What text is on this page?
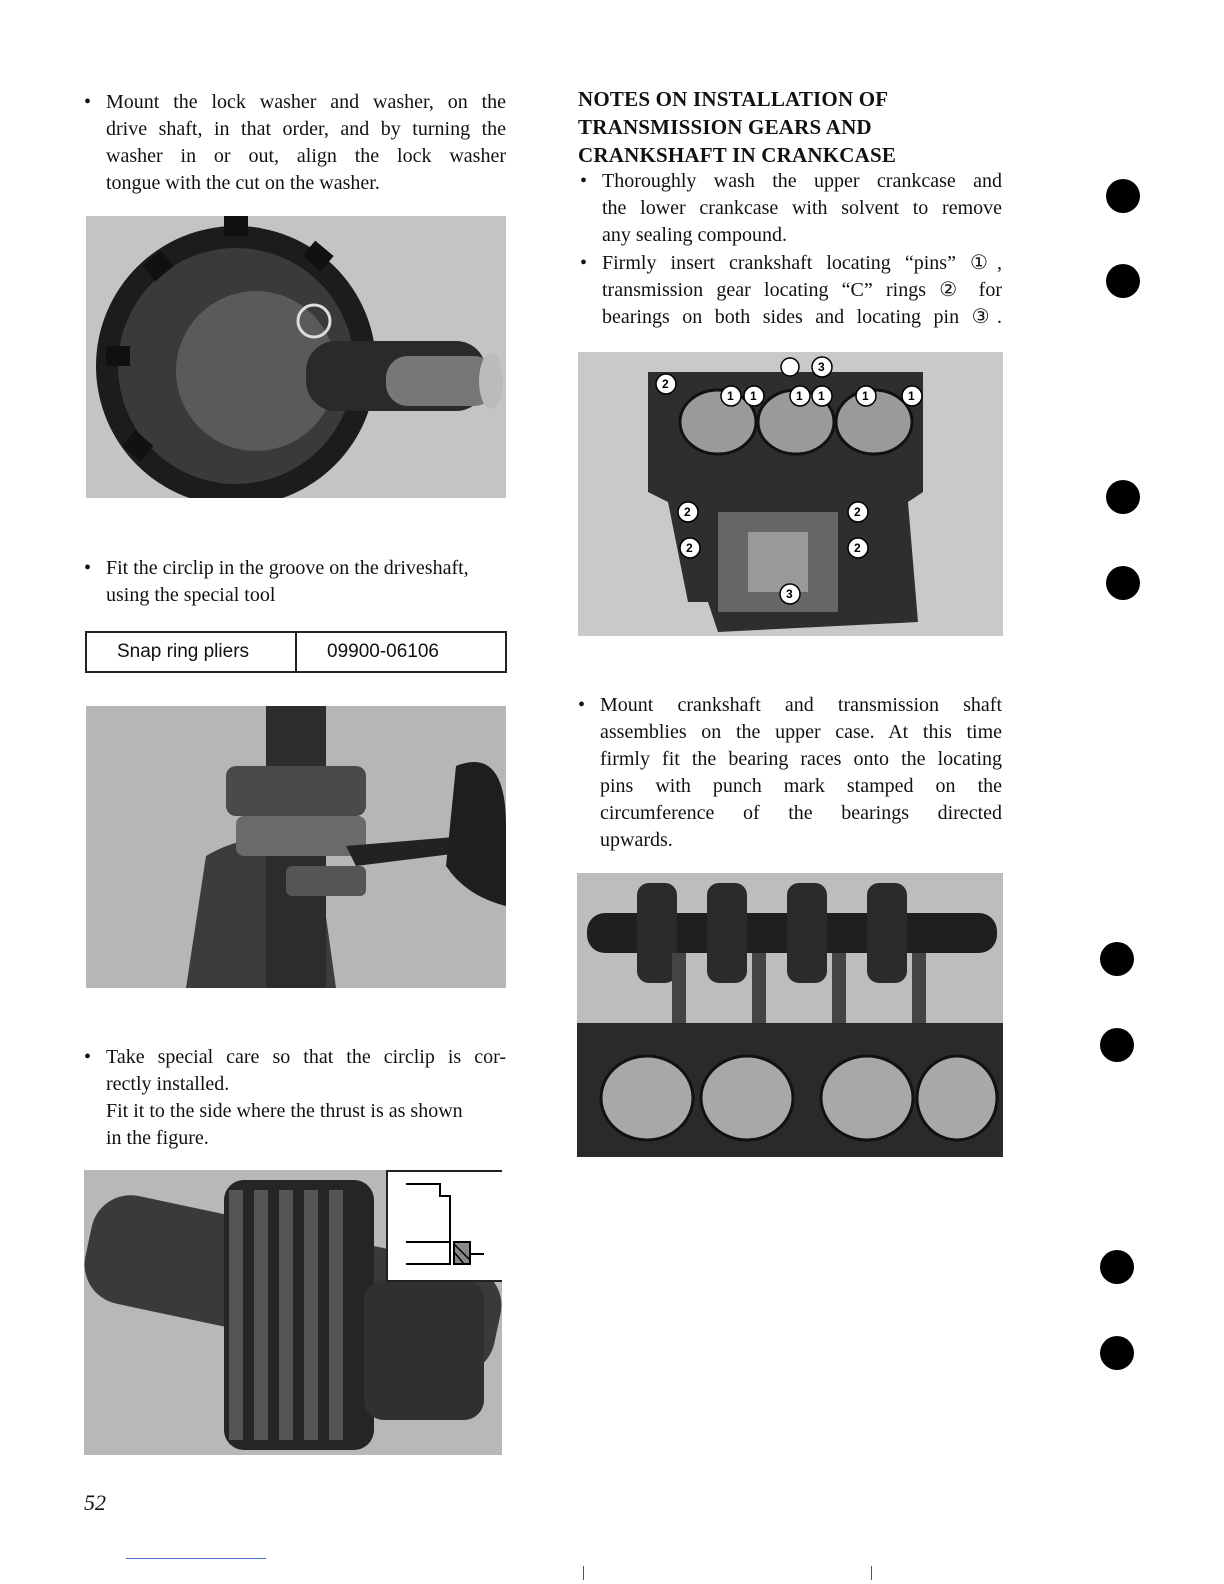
• Mount the lock washer and washer, on the
drive shaft, in that order, and by turning the
washer in or out, align the lock washer
tongue with the cut on the washer.
• Fit the circlip in the groove on the driveshaft,
using the special tool
Snap ring pliers	09900-06106
• Take special care so that the circlip is cor-
rectly installed.
Fit it to the side where the thrust is as shown
in the figure.
52
NOTES ON INSTALLATION OF
TRANSMISSION GEARS AND
CRANKSHAFT IN CRANKCASE
• Thoroughly wash the upper crankcase and
the lower crankcase with solvent to remove
any sealing compound.
• Firmly insert crankshaft locating “pins” ①,
transmission gear locating “C” rings ② for
bearings on both sides and locating pin ③.
2
3
1 1	1 1	1	1
2	2
2	2
3
• Mount crankshaft and transmission shaft
assemblies on the upper case. At this time
firmly fit the bearing races onto the locating
pins with punch mark stamped on the
circumference of the bearings directed
upwards.
